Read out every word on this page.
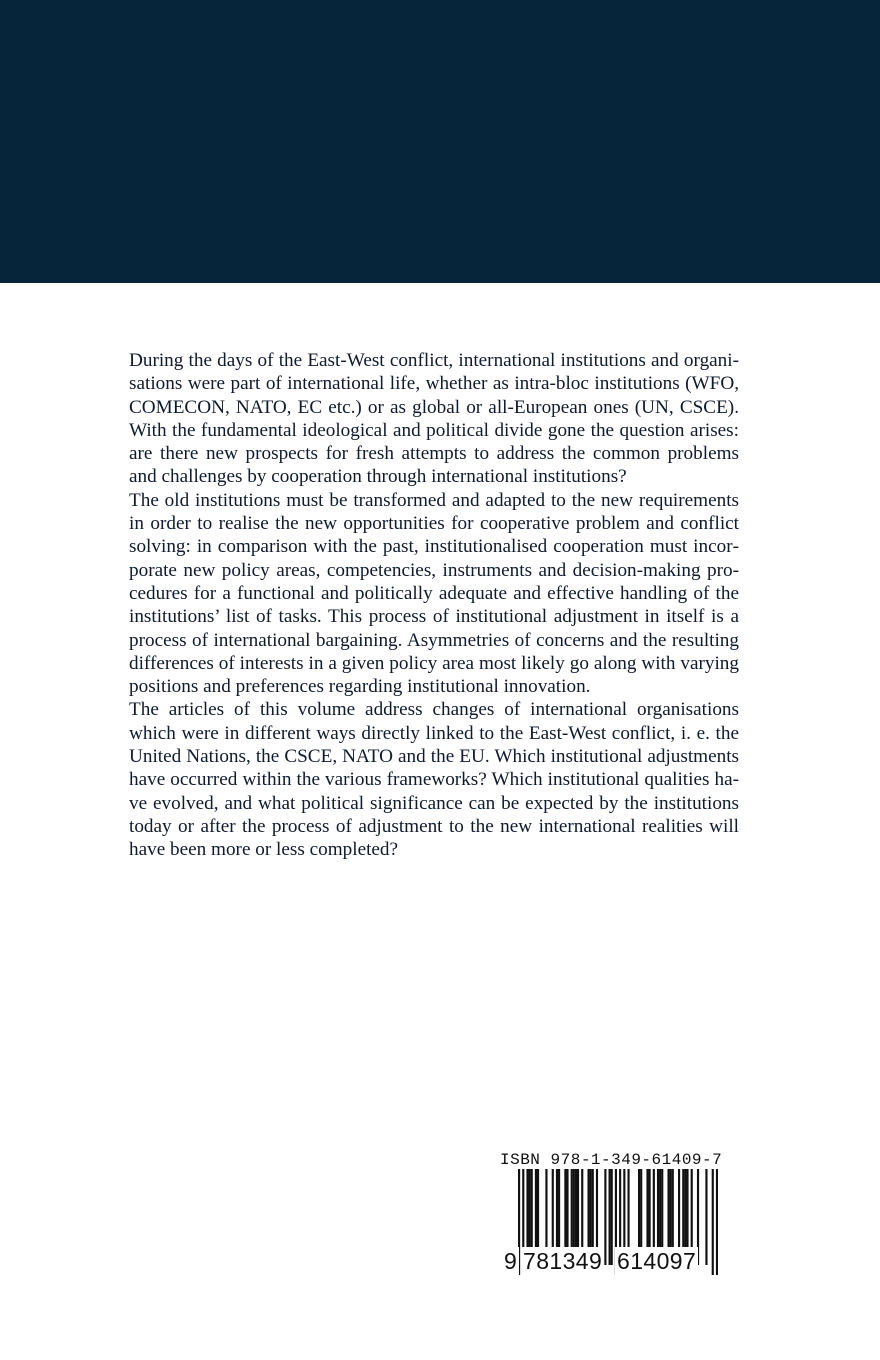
During the days of the East-West conflict, international institutions and organisations were part of international life, whether as intra-bloc institutions (WFO, COMECON, NATO, EC etc.) or as global or all-European ones (UN, CSCE). With the fundamental ideological and political divide gone the question arises: are there new prospects for fresh attempts to address the common problems and challenges by cooperation through international institutions?

The old institutions must be transformed and adapted to the new requirements in order to realise the new opportunities for cooperative problem and conflict solving: in comparison with the past, institutionalised cooperation must incorporate new policy areas, competencies, instruments and decision-making procedures for a functional and politically adequate and effective handling of the institutions’ list of tasks. This process of institutional adjustment in itself is a process of international bargaining. Asymmetries of concerns and the resulting differences of interests in a given policy area most likely go along with varying positions and preferences regarding institutional innovation.

The articles of this volume address changes of international organisations which were in different ways directly linked to the East-West conflict, i. e. the United Nations, the CSCE, NATO and the EU. Which institutional adjustments have occurred within the various frameworks? Which institutional qualities have evolved, and what political significance can be expected by the institutions today or after the process of adjustment to the new international realities will have been more or less completed?

ISBN 978-1-349-61409-7
9 781349 614097
